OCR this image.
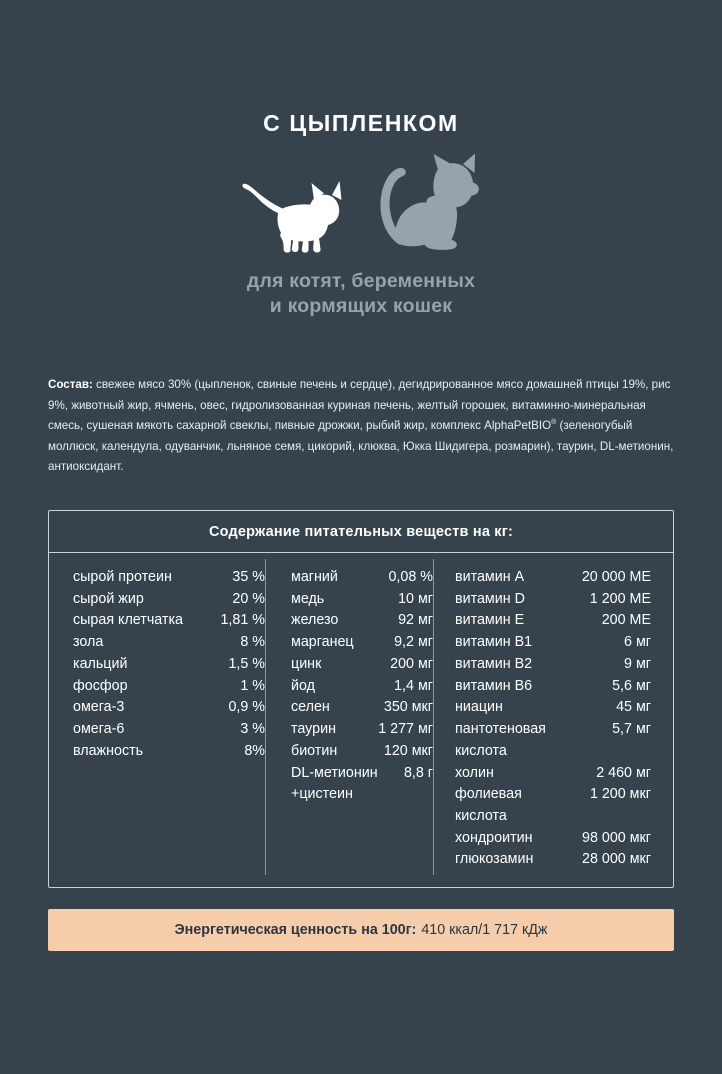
С ЦЫПЛЕНКОМ
для котят, беременных
и кормящих кошек

Состав: свежее мясо 30% (цыпленок, свиные печень и сердце), дегидрированное мясо домашней птицы 19%, рис 9%, животный жир, ячмень, овес, гидролизованная куриная печень, желтый горошек, витаминно-минеральная смесь, сушеная мякоть сахарной свеклы, пивные дрожжи, рыбий жир, комплекс AlphaPetBIO® (зеленогубый моллюск, календула, одуванчик, льняное семя, цикорий, клюква, Юкка Шидигера, розмарин), таурин, DL-метионин, антиоксидант.

Содержание питательных веществ на кг:
сырой протеин	35 %
сырой жир	20 %
сырая клетчатка	1,81 %
зола	8 %
кальций	1,5 %
фосфор	1 %
омега-3	0,9 %
омега-6	3 %
влажность	8%
магний	0,08 %
медь	10 мг
железо	92 мг
марганец	9,2 мг
цинк	200 мг
йод	1,4 мг
селен	350 мкг
таурин	1 277 мг
биотин	120 мкг
DL-метионин	8,8 г
+цистеин
витамин А	20 000 МЕ
витамин D	1 200 МЕ
витамин Е	200 МЕ
витамин В1	6 мг
витамин В2	9 мг
витамин В6	5,6 мг
ниацин	45 мг
пантотеновая	5,7 мг
кислота
холин	2 460 мг
фолиевая	1 200 мкг
кислота
хондроитин	98 000 мкг
глюкозамин	28 000 мкг
Энергетическая ценность на 100г: 410 ккал/1 717 кДж
